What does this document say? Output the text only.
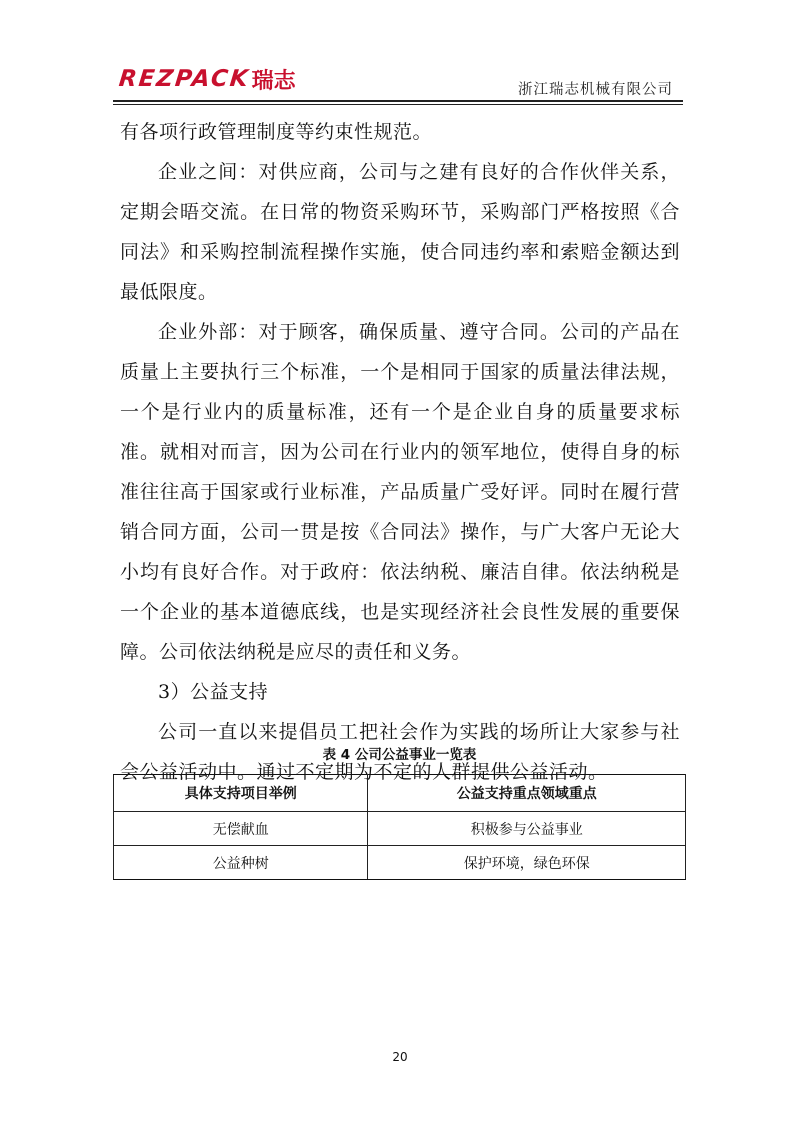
REZPACK 瑞志	浙江瑞志机械有限公司

有各项行政管理制度等约束性规范。

企业之间：对供应商，公司与之建有良好的合作伙伴关系，定期会晤交流。在日常的物资采购环节，采购部门严格按照《合同法》和采购控制流程操作实施，使合同违约率和索赔金额达到最低限度。

企业外部：对于顾客，确保质量、遵守合同。公司的产品在质量上主要执行三个标准，一个是相同于国家的质量法律法规，一个是行业内的质量标准，还有一个是企业自身的质量要求标准。就相对而言，因为公司在行业内的领军地位，使得自身的标准往往高于国家或行业标准，产品质量广受好评。同时在履行营销合同方面，公司一贯是按《合同法》操作，与广大客户无论大小均有良好合作。对于政府：依法纳税、廉洁自律。依法纳税是一个企业的基本道德底线，也是实现经济社会良性发展的重要保障。公司依法纳税是应尽的责任和义务。

3）公益支持

公司一直以来提倡员工把社会作为实践的场所让大家参与社会公益活动中。通过不定期为不定的人群提供公益活动。

表 4 公司公益事业一览表
具体支持项目举例	公益支持重点领域重点
无偿献血	积极参与公益事业
公益种树	保护环境，绿色环保
20
